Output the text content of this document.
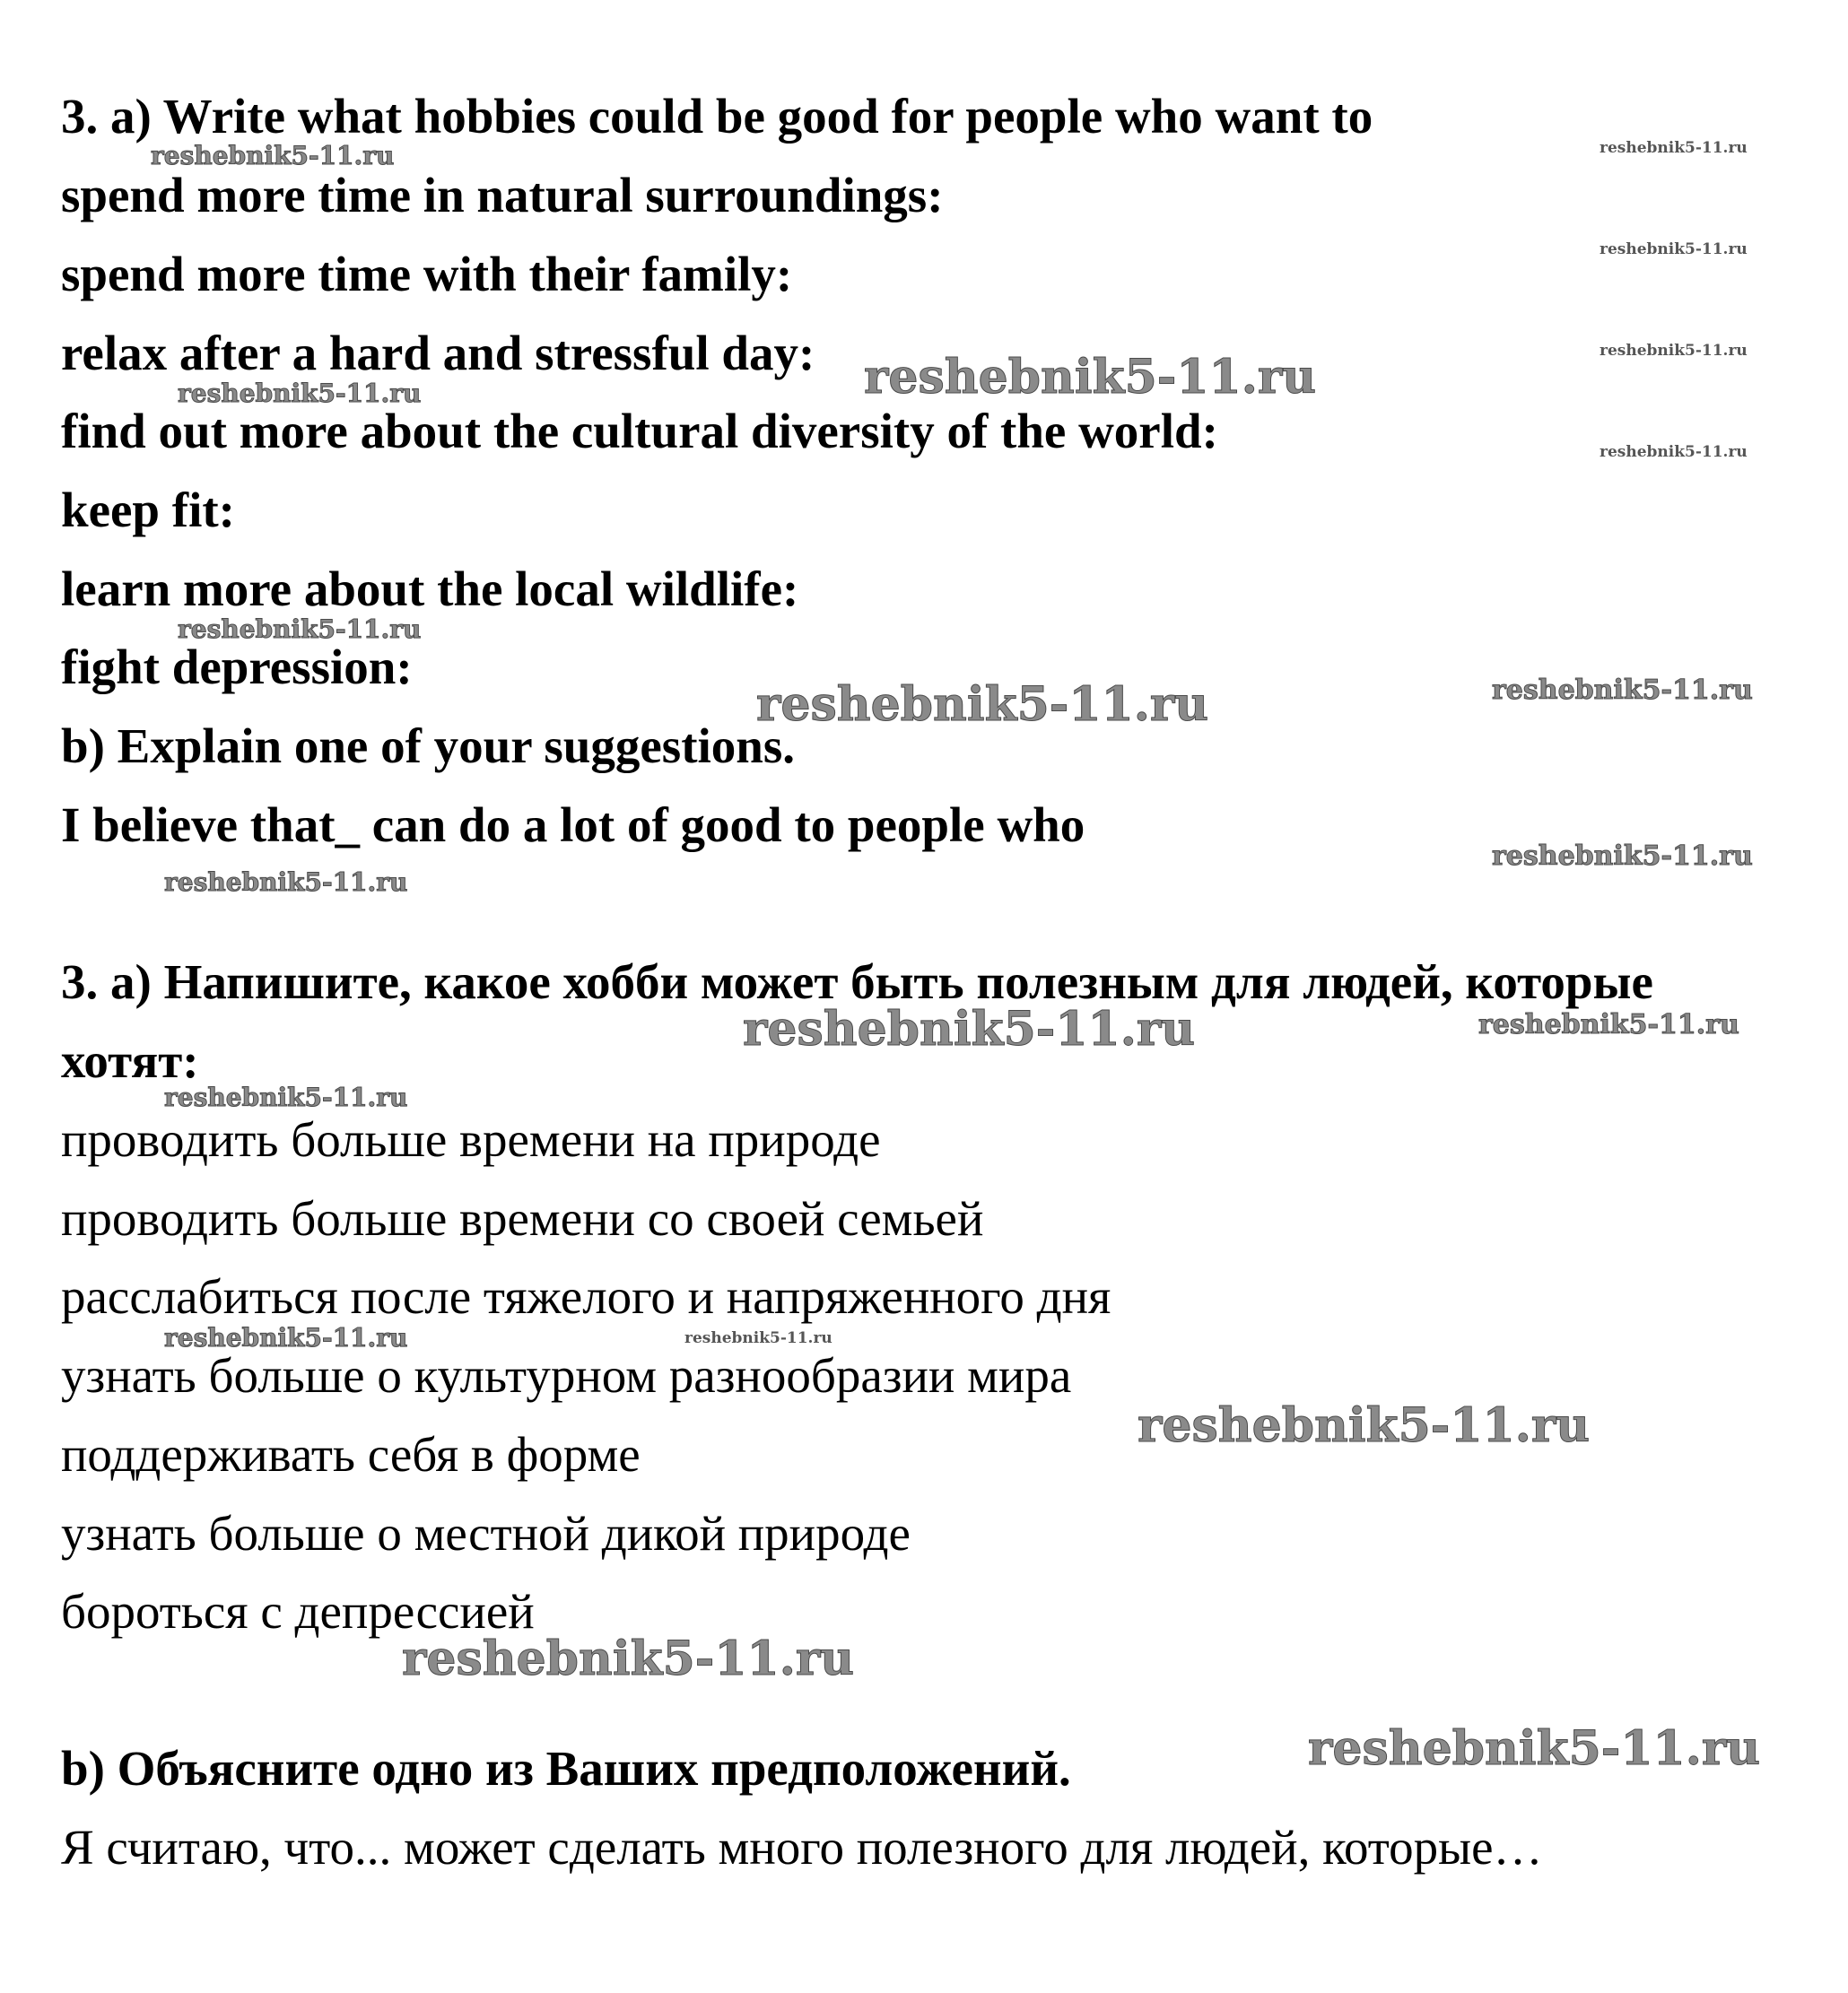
3. a) Write what hobbies could be good for people who want to
spend more time in natural surroundings:
spend more time with their family:
relax after a hard and stressful day:
find out more about the cultural diversity of the world:
keep fit:
learn more about the local wildlife:
fight depression:
b) Explain one of your suggestions.
I believe that_ can do a lot of good to people who
3. a) Напишите, какое хобби может быть полезным для людей, которые
хотят:
проводить больше времени на природе
проводить больше времени со своей семьей
расслабиться после тяжелого и напряженного дня
узнать больше о культурном разнообразии мира
поддерживать себя в форме
узнать больше о местной дикой природе
бороться с депрессией
b) Объясните одно из Ваших предположений.
Я считаю, что... может сделать много полезного для людей, которые…
reshebnik5-11.ru	reshebnik5-11.ru
reshebnik5-11.ru
reshebnik5-11.ru
reshebnik5-11.ru
reshebnik5-11.ru
reshebnik5-11.ru
reshebnik5-11.ru
reshebnik5-11.ru	reshebnik5-11.ru
reshebnik5-11.ru
reshebnik5-11.ru
reshebnik5-11.ru	reshebnik5-11.ru
reshebnik5-11.ru
reshebnik5-11.ru	reshebnik5-11.ru
reshebnik5-11.ru
reshebnik5-11.ru
reshebnik5-11.ru
